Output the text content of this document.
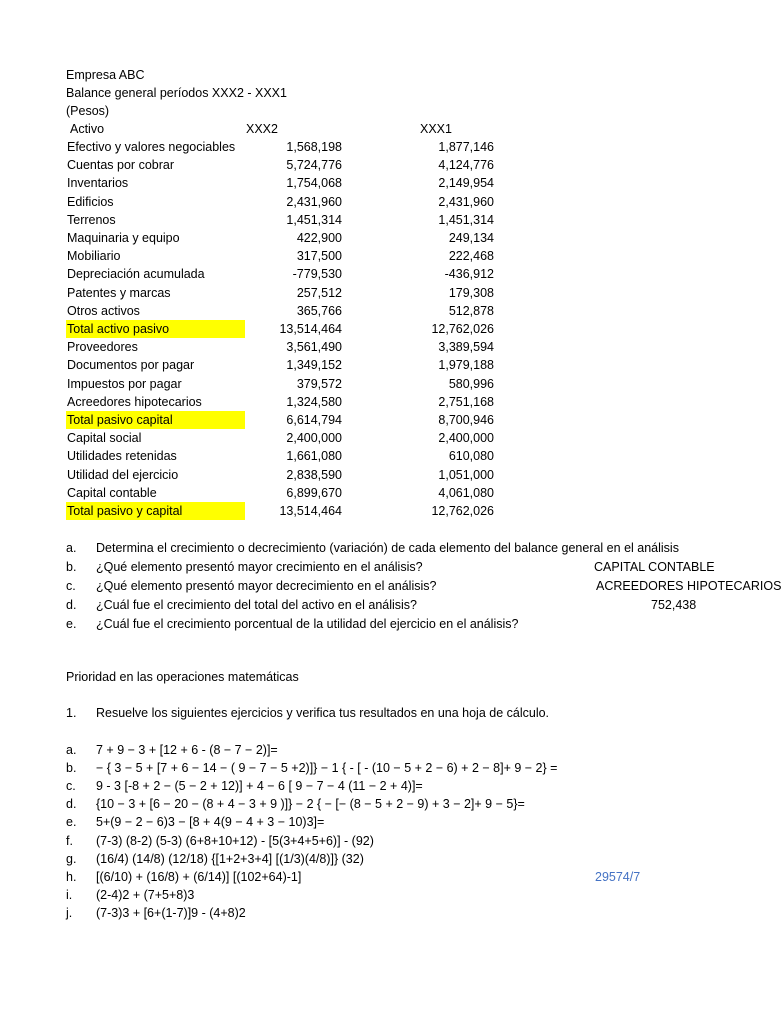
Empresa ABC
Balance general períodos XXX2 - XXX1
(Pesos)
Activo	XXX2	XXX1
Efectivo y valores negociables	1,568,198	1,877,146
Cuentas por cobrar	5,724,776	4,124,776
Inventarios	1,754,068	2,149,954
Edificios	2,431,960	2,431,960
Terrenos	1,451,314	1,451,314
Maquinaria y equipo	422,900	249,134
Mobiliario	317,500	222,468
Depreciación acumulada	-779,530	-436,912
Patentes y marcas	257,512	179,308
Otros activos	365,766	512,878
Total activo pasivo	13,514,464	12,762,026
Proveedores	3,561,490	3,389,594
Documentos por pagar	1,349,152	1,979,188
Impuestos por pagar	379,572	580,996
Acreedores hipotecarios	1,324,580	2,751,168
Total pasivo capital	6,614,794	8,700,946
Capital social	2,400,000	2,400,000
Utilidades retenidas	1,661,080	610,080
Utilidad del ejercicio	2,838,590	1,051,000
Capital contable	6,899,670	4,061,080
Total pasivo y capital	13,514,464	12,762,026
a. Determina el crecimiento o decrecimiento (variación) de cada elemento del balance general en el análisis
b. ¿Qué elemento presentó mayor crecimiento en el análisis?	CAPITAL CONTABLE
c. ¿Qué elemento presentó mayor decrecimiento en el análisis?	ACREEDORES HIPOTECARIOS
d. ¿Cuál fue el crecimiento del total del activo en el análisis?	752,438
e. ¿Cuál fue el crecimiento porcentual de la utilidad del ejercicio en el análisis?
Prioridad en las operaciones matemáticas
1. Resuelve los siguientes ejercicios y verifica tus resultados en una hoja de cálculo.
a. 7 + 9 − 3 + [12 + 6 - (8 − 7 − 2)]=
b. − { 3 − 5 + [7 + 6 − 14 − ( 9 − 7 − 5 +2)]} − 1 { - [ - (10 − 5 + 2 − 6) + 2 − 8]+ 9 − 2} =
c. 9 - 3 [-8 + 2 − (5 − 2 + 12)] + 4 − 6 [ 9 − 7 − 4 (11 − 2 + 4)]=
d. {10 − 3 + [6 − 20 − (8 + 4 − 3 + 9 )]} − 2 { − [− (8 − 5 + 2 − 9) + 3 − 2]+ 9 − 5}=
e. 5+(9 − 2 − 6)3 − [8 + 4(9 − 4 + 3 − 10)3]=
f. (7-3) (8-2) (5-3) (6+8+10+12) - [5(3+4+5+6)] - (92)
g. (16/4) (14/8) (12/18) {[1+2+3+4] [(1/3)(4/8)]} (32)
h. [(6/10) + (16/8) + (6/14)] [(102+64)-1]
i. (2-4)2 + (7+5+8)3
j. (7-3)3 + [6+(1-7)]9 - (4+8)2
29574/7
